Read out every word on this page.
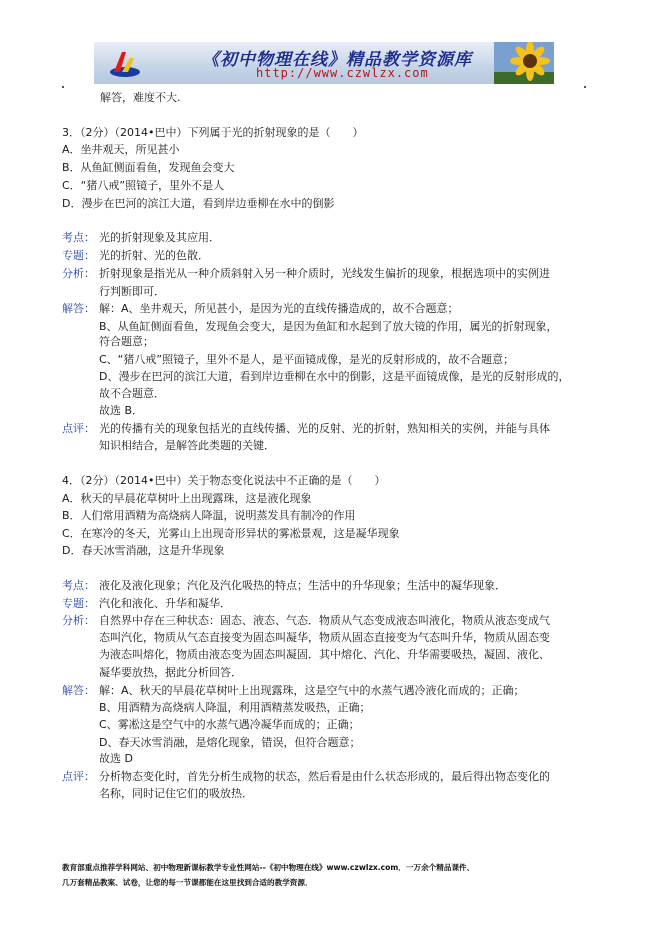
《初中物理在线》精品教学资源库
http://www.czwlzx.com
解答，难度不大.
3．（2分）（2014•巴中）下列属于光的折射现象的是（　　）
A．坐井观天，所见甚小
B．从鱼缸侧面看鱼，发现鱼会变大
C．“猪八戒”照镜子，里外不是人
D．漫步在巴河的滨江大道，看到岸边垂柳在水中的倒影
考点： 光的折射现象及其应用．
专题： 光的折射、光的色散．
分析： 折射现象是指光从一种介质斜射入另一种介质时，光线发生偏折的现象，根据选项中的实例进
行判断即可．
解答： 解：A、坐井观天，所见甚小，是因为光的直线传播造成的，故不合题意；
B、从鱼缸侧面看鱼，发现鱼会变大，是因为鱼缸和水起到了放大镜的作用，属光的折射现象，
符合题意；
C、“猪八戒”照镜子，里外不是人，是平面镜成像，是光的反射形成的，故不合题意；
D、漫步在巴河的滨江大道，看到岸边垂柳在水中的倒影，这是平面镜成像，是光的反射形成的，
故不合题意．
故选 B．
点评： 光的传播有关的现象包括光的直线传播、光的反射、光的折射，熟知相关的实例，并能与具体
知识相结合，是解答此类题的关键．
4．（2分）（2014•巴中）关于物态变化说法中不正确的是（　　）
A．秋天的早晨花草树叶上出现露珠，这是液化现象
B．人们常用酒精为高烧病人降温，说明蒸发具有制冷的作用
C．在寒冷的冬天，光雾山上出现奇形异状的雾凇景观，这是凝华现象
D．春天冰雪消融，这是升华现象
考点： 液化及液化现象；汽化及汽化吸热的特点；生活中的升华现象；生活中的凝华现象．
专题： 汽化和液化、升华和凝华．
分析： 自然界中存在三种状态：固态、液态、气态．物质从气态变成液态叫液化，物质从液态变成气
态叫汽化，物质从气态直接变为固态叫凝华，物质从固态直接变为气态叫升华，物质从固态变
为液态叫熔化，物质由液态变为固态叫凝固．其中熔化、汽化、升华需要吸热，凝固、液化、
凝华要放热，据此分析回答．
解答： 解：A、秋天的早晨花草树叶上出现露珠，这是空气中的水蒸气遇冷液化而成的；正确；
B、用酒精为高烧病人降温，利用酒精蒸发吸热，正确；
C、雾凇这是空气中的水蒸气遇冷凝华而成的；正确；
D、春天冰雪消融，是熔化现象，错误，但符合题意；
故选 D
点评： 分析物态变化时，首先分析生成物的状态，然后看是由什么状态形成的，最后得出物态变化的
名称，同时记住它们的吸放热．
教育部重点推荐学科网站、初中物理新课标教学专业性网站--《初中物理在线》www.czwlzx.com．一万余个精品课件、
几万套精品教案、试卷，让您的每一节课都能在这里找到合适的教学资源．
